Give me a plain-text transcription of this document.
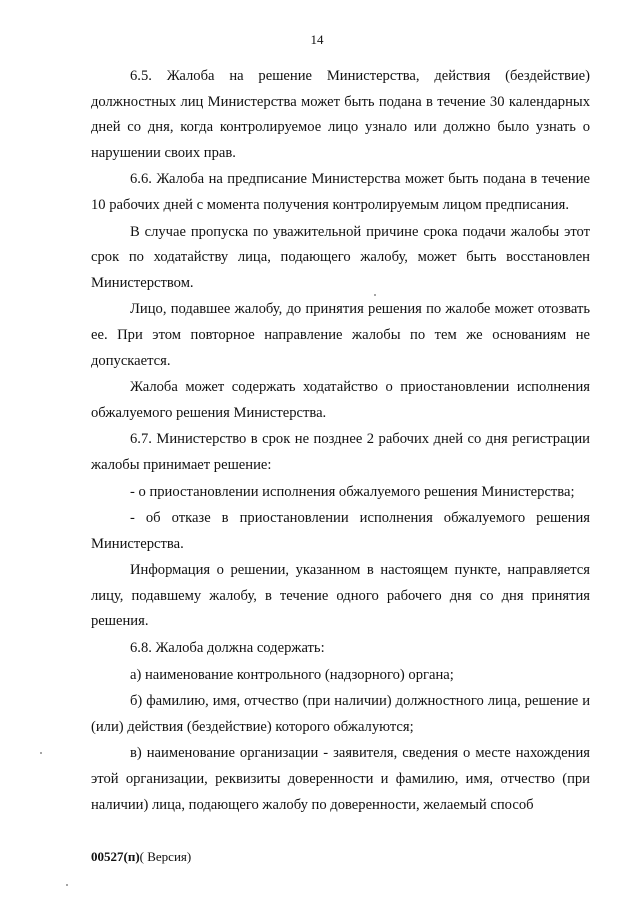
14

6.5. Жалоба на решение Министерства, действия (бездействие) должностных лиц Министерства может быть подана в течение 30 календарных дней со дня, когда контролируемое лицо узнало или должно было узнать о нарушении своих прав.

6.6. Жалоба на предписание Министерства может быть подана в течение 10 рабочих дней с момента получения контролируемым лицом предписания.

В случае пропуска по уважительной причине срока подачи жалобы этот срок по ходатайству лица, подающего жалобу, может быть восстановлен Министерством.

Лицо, подавшее жалобу, до принятия решения по жалобе может отозвать ее. При этом повторное направление жалобы по тем же основаниям не допускается.

Жалоба может содержать ходатайство о приостановлении исполнения обжалуемого решения Министерства.

6.7. Министерство в срок не позднее 2 рабочих дней со дня регистрации жалобы принимает решение:

- о приостановлении исполнения обжалуемого решения Министерства;

- об отказе в приостановлении исполнения обжалуемого решения Министерства.

Информация о решении, указанном в настоящем пункте, направляется лицу, подавшему жалобу, в течение одного рабочего дня со дня принятия решения.

6.8. Жалоба должна содержать:

а) наименование контрольного (надзорного) органа;

б) фамилию, имя, отчество (при наличии) должностного лица, решение и (или) действия (бездействие) которого обжалуются;

в) наименование организации - заявителя, сведения о месте нахождения этой организации, реквизиты доверенности и фамилию, имя, отчество (при наличии) лица, подающего жалобу по доверенности, желаемый способ

00527(п)( Версия)
